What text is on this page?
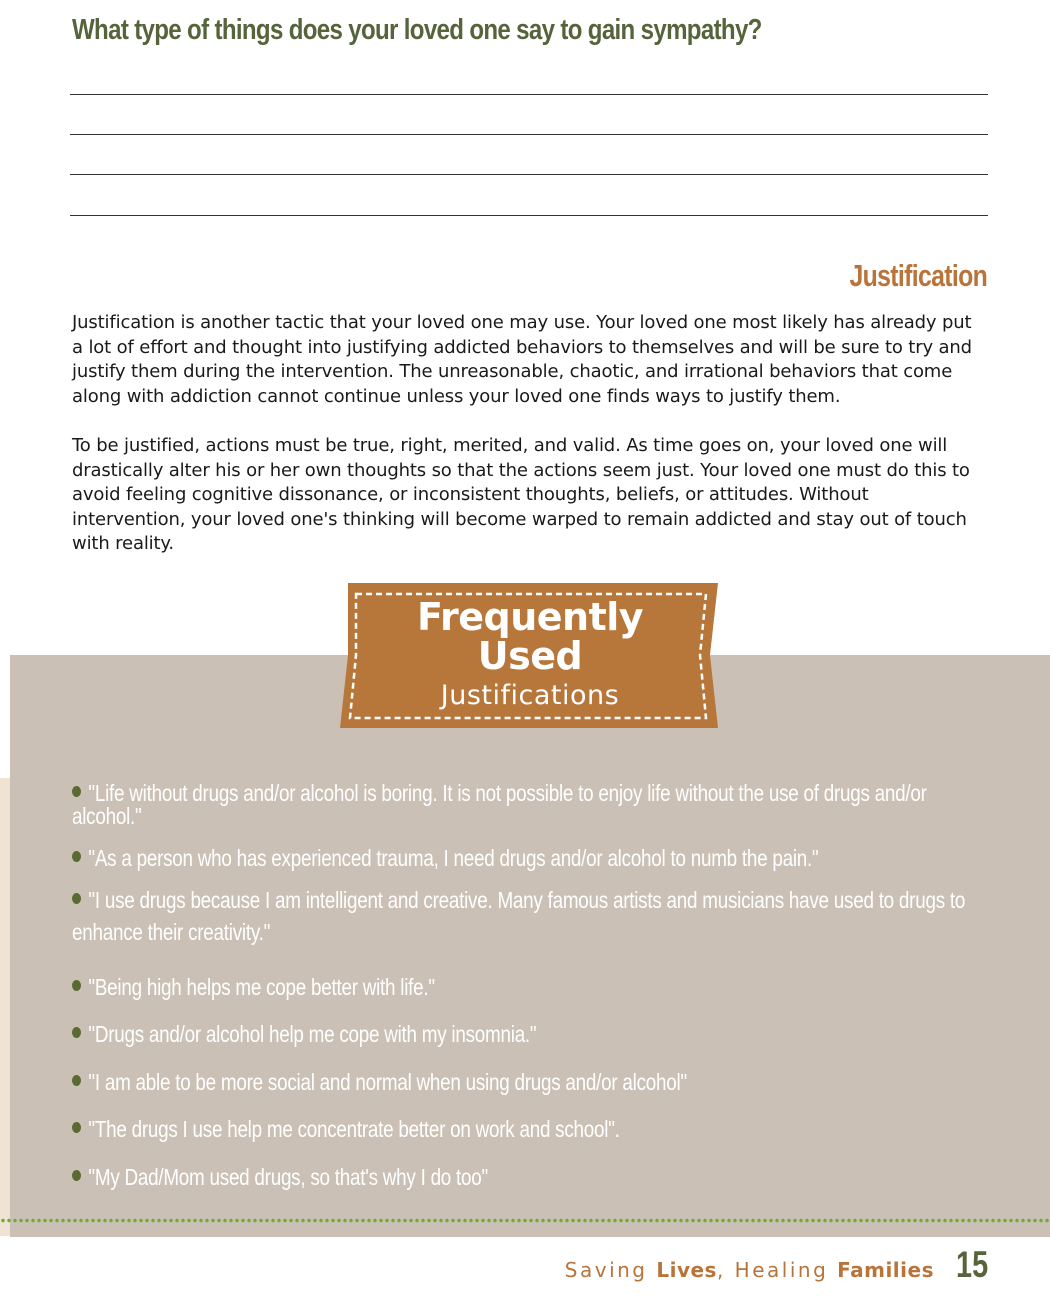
What type of things does your loved one say to gain sympathy?
Justification

Justification is another tactic that your loved one may use. Your loved one most likely has already put a lot of effort and thought into justifying addicted behaviors to themselves and will be sure to try and justify them during the intervention. The unreasonable, chaotic, and irrational behaviors that come along with addiction cannot continue unless your loved one finds ways to justify them.

To be justified, actions must be true, right, merited, and valid. As time goes on, your loved one will drastically alter his or her own thoughts so that the actions seem just. Your loved one must do this to avoid feeling cognitive dissonance, or inconsistent thoughts, beliefs, or attitudes. Without intervention, your loved one's thinking will become warped to remain addicted and stay out of touch with reality.

Frequently
Used
Justifications
"Life without drugs and/or alcohol is boring. It is not possible to enjoy life without the use of drugs and/or alcohol."
"As a person who has experienced trauma, I need drugs and/or alcohol to numb the pain."
"I use drugs because I am intelligent and creative. Many famous artists and musicians have used to drugs to enhance their creativity."
"Being high helps me cope better with life."
"Drugs and/or alcohol help me cope with my insomnia."
"I am able to be more social and normal when using drugs and/or alcohol"
"The drugs I use help me concentrate better on work and school".
"My Dad/Mom used drugs, so that's why I do too"
Saving Lives, Healing Families 15
